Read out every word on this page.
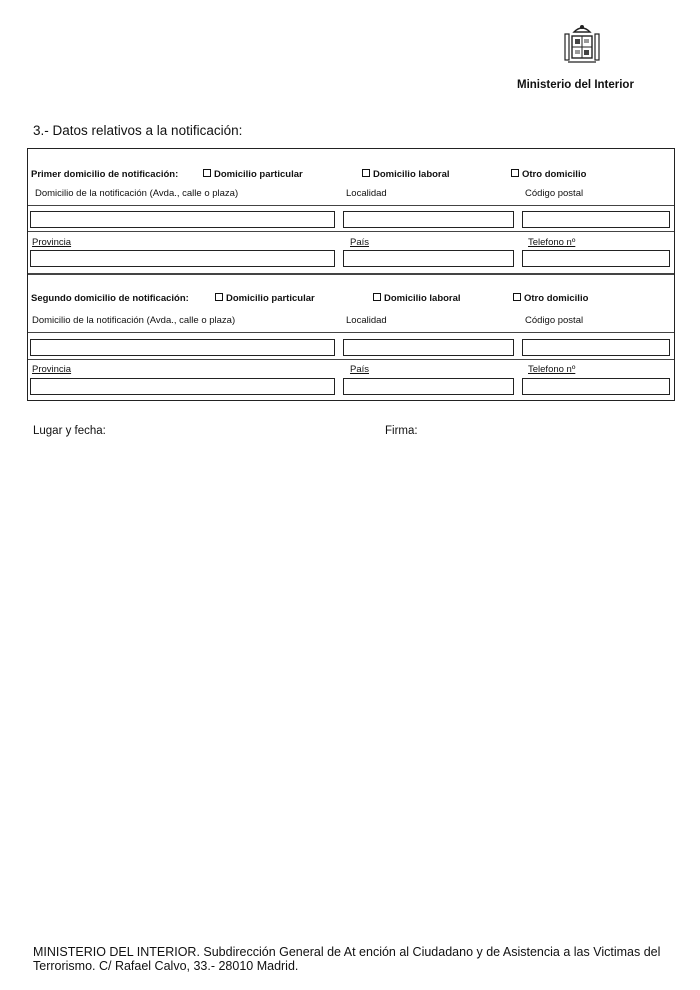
Ministerio del Interior
3.- Datos relativos a la notificación:
Primer domicilio de notificación:	Domicilio particular	Domicilio laboral	Otro domicilio
Domicilio de la notificación (Avda., calle o plaza)	Localidad	Código postal
Provincia	País	Telefono nº
Segundo domicilio de notificación:	Domicilio particular	Domicilio laboral	Otro domicilio
Domicilio de la notificación (Avda., calle o plaza)	Localidad	Código postal
Provincia	País	Telefono nº
Lugar y fecha:	Firma:
MINISTERIO DEL INTERIOR. Subdirección General de At ención al Ciudadano y de Asistencia a las Victimas del Terrorismo. C/ Rafael Calvo, 33.- 28010 Madrid.
